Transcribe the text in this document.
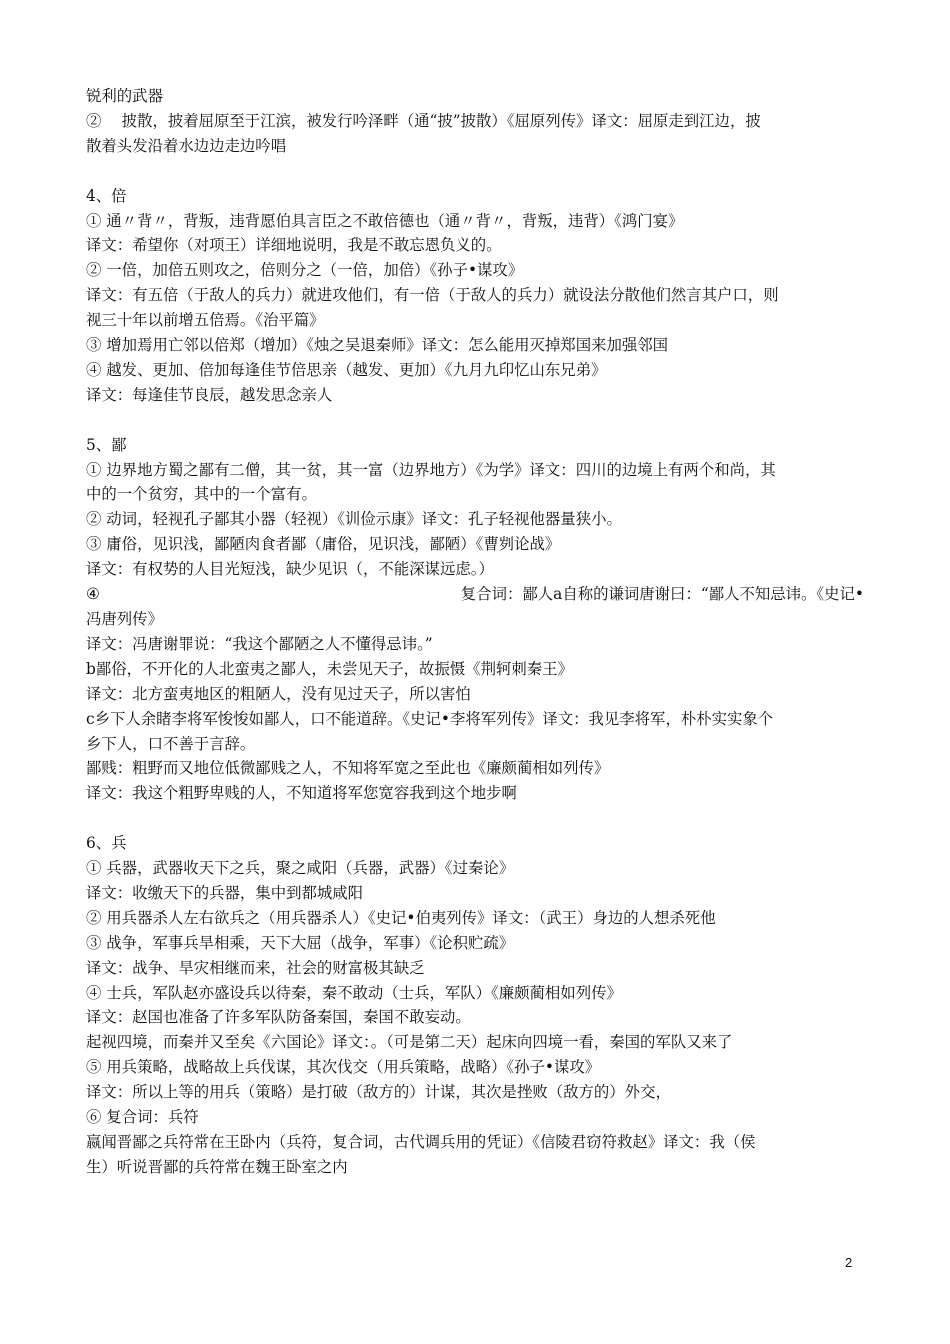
锐利的武器
② 　披散，披着屈原至于江滨，被发行吟泽畔（通“披”披散）《屈原列传》译文：屈原走到江边，披
散着头发沿着水边边走边吟唱
4、倍
① 通〃背〃，背叛，违背愿伯具言臣之不敢倍德也（通〃背〃，背叛，违背）《鸿门宴》
译文：希望你（对项王）详细地说明，我是不敢忘恩负义的。
② 一倍，加倍五则攻之，倍则分之（一倍，加倍）《孙子•谋攻》
译文：有五倍（于敌人的兵力）就进攻他们，有一倍（于敌人的兵力）就设法分散他们然言其户口，则
视三十年以前增五倍焉。《治平篇》
③ 增加焉用亡邻以倍郑（增加）《烛之吴退秦师》译文：怎么能用灭掉郑国来加强邻国
④ 越发、更加、倍加每逢佳节倍思亲（越发、更加）《九月九印忆山东兄弟》
译文：每逢佳节良辰，越发思念亲人
5、鄙
① 边界地方蜀之鄙有二僧，其一贫，其一富（边界地方）《为学》译文：四川的边境上有两个和尚，其
中的一个贫穷，其中的一个富有。
② 动词，轻视孔子鄙其小器（轻视）《训俭示康》译文：孔子轻视他器量狭小。
③ 庸俗，见识浅，鄙陋肉食者鄙（庸俗，见识浅，鄙陋）《曹刿论战》
译文：有权势的人目光短浅，缺少见识（，不能深谋远虑。）
④	复合词：鄙人a自称的谦词唐谢曰：“鄙人不知忌讳。《史记•
冯唐列传》
译文：冯唐谢罪说：“我这个鄙陋之人不懂得忌讳。”
b鄙俗，不开化的人北蛮夷之鄙人，未尝见天子，故振慑《荆轲刺秦王》
译文：北方蛮夷地区的粗陋人，没有见过天子，所以害怕
c乡下人余睹李将军悛悛如鄙人，口不能道辞。《史记•李将军列传》译文：我见李将军，朴朴实实象个
乡下人，口不善于言辞。
鄙贱：粗野而又地位低微鄙贱之人，不知将军宽之至此也《廉颇蔺相如列传》
译文：我这个粗野卑贱的人，不知道将军您宽容我到这个地步啊
6、兵
① 兵器，武器收天下之兵，聚之咸阳（兵器，武器）《过秦论》
译文：收缴天下的兵器，集中到都城咸阳
② 用兵器杀人左右欲兵之（用兵器杀人）《史记•伯夷列传》译文：（武王）身边的人想杀死他
③ 战争，军事兵旱相乘，天下大屈（战争，军事）《论积贮疏》
译文：战争、旱灾相继而来，社会的财富极其缺乏
④ 士兵，军队赵亦盛设兵以待秦，秦不敢动（士兵，军队）《廉颇蔺相如列传》
译文：赵国也准备了许多军队防备秦国，秦国不敢妄动。
起视四境，而秦并又至矣《六国论》译文：。（可是第二天）起床向四境一看，秦国的军队又来了
⑤ 用兵策略，战略故上兵伐谋，其次伐交（用兵策略，战略）《孙子•谋攻》
译文：所以上等的用兵（策略）是打破（敌方的）计谋，其次是挫败（敌方的）外交，
⑥ 复合词：兵符
嬴闻晋鄙之兵符常在王卧内（兵符，复合词，古代调兵用的凭证）《信陵君窃符救赵》译文：我（侯
生）听说晋鄙的兵符常在魏王卧室之内
2
